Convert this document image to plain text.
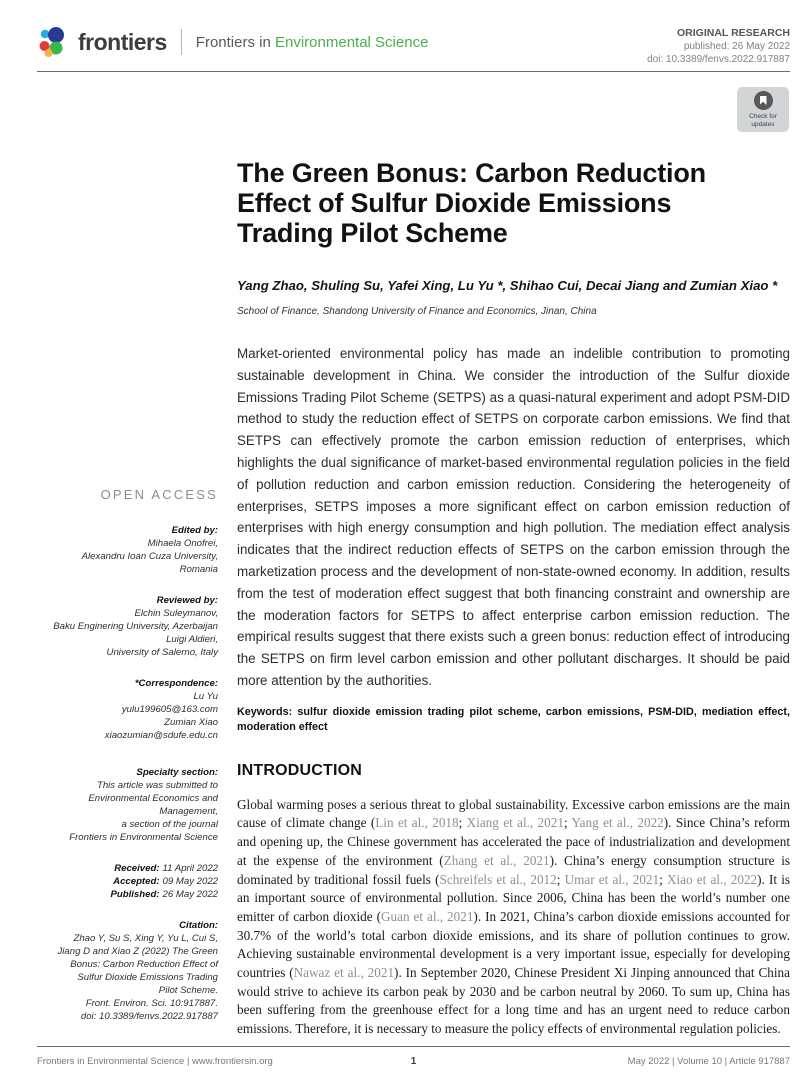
frontiers Frontiers in Environmental Science
ORIGINAL RESEARCH
published: 26 May 2022
doi: 10.3389/fenvs.2022.917887
Check for
updates
OPEN ACCESS
Edited by:
Mihaela Onofrei,
Alexandru Ioan Cuza University,
Romania
Reviewed by:
Elchin Suleymanov,
Baku Enginering University, Azerbaijan
Luigi Aldieri,
University of Salerno, Italy
*Correspondence:
Lu Yu
yulu199605@163.com
Zumian Xiao
xiaozumian@sdufe.edu.cn
Specialty section:
This article was submitted to
Environmental Economics and
Management,
a section of the journal
Frontiers in Environmental Science
Received: 11 April 2022
Accepted: 09 May 2022
Published: 26 May 2022
Citation:
Zhao Y, Su S, Xing Y, Yu L, Cui S,
Jiang D and Xiao Z (2022) The Green
Bonus: Carbon Reduction Effect of
Sulfur Dioxide Emissions Trading
Pilot Scheme.
Front. Environ. Sci. 10:917887.
doi: 10.3389/fenvs.2022.917887
The Green Bonus: Carbon Reduction Effect of Sulfur Dioxide Emissions Trading Pilot Scheme
Yang Zhao, Shuling Su, Yafei Xing, Lu Yu *, Shihao Cui, Decai Jiang and Zumian Xiao *
School of Finance, Shandong University of Finance and Economics, Jinan, China
Market-oriented environmental policy has made an indelible contribution to promoting sustainable development in China. We consider the introduction of the Sulfur dioxide Emissions Trading Pilot Scheme (SETPS) as a quasi-natural experiment and adopt PSM-DID method to study the reduction effect of SETPS on corporate carbon emissions. We find that SETPS can effectively promote the carbon emission reduction of enterprises, which highlights the dual significance of market-based environmental regulation policies in the field of pollution reduction and carbon emission reduction. Considering the heterogeneity of enterprises, SETPS imposes a more significant effect on carbon emission reduction of enterprises with high energy consumption and high pollution. The mediation effect analysis indicates that the indirect reduction effects of SETPS on the carbon emission through the marketization process and the development of non-state-owned economy. In addition, results from the test of moderation effect suggest that both financing constraint and ownership are the moderation factors for SETPS to affect enterprise carbon emission reduction. The empirical results suggest that there exists such a green bonus: reduction effect of introducing the SETPS on firm level carbon emission and other pollutant discharges. It should be paid more attention by the authorities.
Keywords: sulfur dioxide emission trading pilot scheme, carbon emissions, PSM-DID, mediation effect, moderation effect
INTRODUCTION

Global warming poses a serious threat to global sustainability. Excessive carbon emissions are the main cause of climate change (Lin et al., 2018; Xiang et al., 2021; Yang et al., 2022). Since China’s reform and opening up, the Chinese government has accelerated the pace of industrialization and development at the expense of the environment (Zhang et al., 2021). China’s energy consumption structure is dominated by traditional fossil fuels (Schreifels et al., 2012; Umar et al., 2021; Xiao et al., 2022). It is an important source of environmental pollution. Since 2006, China has been the world’s number one emitter of carbon dioxide (Guan et al., 2021). In 2021, China’s carbon dioxide emissions accounted for 30.7% of the world’s total carbon dioxide emissions, and its share of pollution continues to grow. Achieving sustainable environmental development is a very important issue, especially for developing countries (Nawaz et al., 2021). In September 2020, Chinese President Xi Jinping announced that China would strive to achieve its carbon peak by 2030 and be carbon neutral by 2060. To sum up, China has been suffering from the greenhouse effect for a long time and has an urgent need to reduce carbon emissions. Therefore, it is necessary to measure the policy effects of environmental regulation policies.

Frontiers in Environmental Science | www.frontiersin.org	1	May 2022 | Volume 10 | Article 917887
